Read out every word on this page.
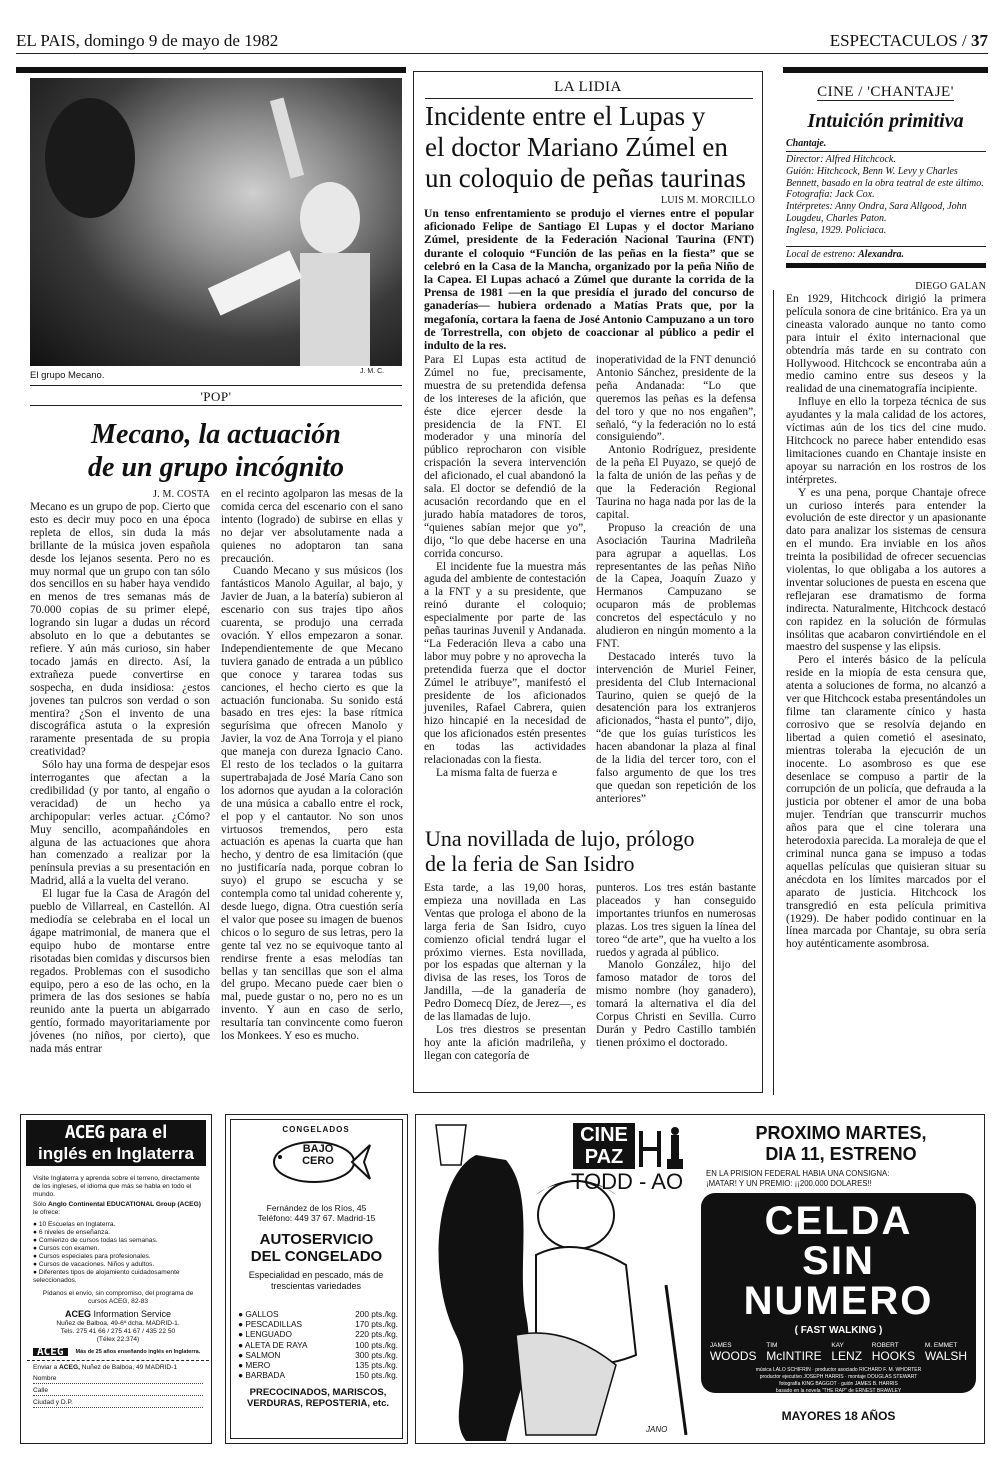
EL PAIS, domingo 9 de mayo de 1982	ESPECTACULOS / 37
El grupo Mecano.	J. M. C.
'POP'
Mecano, la actuación
de un grupo incógnito
J. M. COSTA

Mecano es un grupo de pop. Cierto que esto es decir muy poco en una época repleta de ellos, sin duda la más brillante de la música joven española desde los lejanos sesenta. Pero no es muy normal que un grupo con tan sólo dos sencillos en su haber haya vendido en menos de tres semanas más de 70.000 copias de su primer elepé, logrando sin lugar a dudas un récord absoluto en lo que a debutantes se refiere. Y aún más curioso, sin haber tocado jamás en directo. Así, la extrañeza puede convertirse en sospecha, en duda insidiosa: ¿estos jovenes tan pulcros son verdad o son mentira? ¿Son el invento de una discográfica astuta o la expresión raramente presentada de su propia creatividad?

Sólo hay una forma de despejar esos interrogantes que afectan a la credibilidad (y por tanto, al engaño o veracidad) de un hecho ya archipopular: verles actuar. ¿Cómo? Muy sencillo, acompañándoles en alguna de las actuaciones que ahora han comenzado a realizar por la península previas a su presentación en Madrid, allá a la vuelta del verano.

El lugar fue la Casa de Aragón del pueblo de Villarreal, en Castellón. Al mediodía se celebraba en el local un ágape matrimonial, de manera que el equipo hubo de montarse entre risotadas bien comidas y discursos bien regados. Problemas con el susodicho equipo, pero a eso de las ocho, en la primera de las dos sesiones se había reunido ante la puerta un abigarrado gentío, formado mayoritariamente por jóvenes (no niños, por cierto), que nada más entrar

en el recinto agolparon las mesas de la comida cerca del escenario con el sano intento (logrado) de subirse en ellas y no dejar ver absolutamente nada a quienes no adoptaron tan sana precaución.

Cuando Mecano y sus músicos (los fantásticos Manolo Aguilar, al bajo, y Javier de Juan, a la batería) subieron al escenario con sus trajes tipo años cuarenta, se produjo una cerrada ovación. Y ellos empezaron a sonar. Independientemente de que Mecano tuviera ganado de entrada a un público que conoce y tararea todas sus canciones, el hecho cierto es que la actuación funcionaba. Su sonido está basado en tres ejes: la base rítmica segurísima que ofrecen Manolo y Javier, la voz de Ana Torroja y el piano que maneja con dureza Ignacio Cano. El resto de los teclados o la guitarra supertrabajada de José María Cano son los adornos que ayudan a la coloración de una música a caballo entre el rock, el pop y el cantautor. No son unos virtuosos tremendos, pero esta actuación es apenas la cuarta que han hecho, y dentro de esa limitación (que no justificaría nada, porque cobran lo suyo) el grupo se escucha y se contempla como tal unidad coherente y, desde luego, digna. Otra cuestión sería el valor que posee su imagen de buenos chicos o lo seguro de sus letras, pero la gente tal vez no se equivoque tanto al rendirse frente a esas melodías tan bellas y tan sencillas que son el alma del grupo. Mecano puede caer bien o mal, puede gustar o no, pero no es un invento. Y aun en caso de serlo, resultaría tan convincente como fueron los Monkees. Y eso es mucho.

LA LIDIA
Incidente entre el Lupas y
el doctor Mariano Zúmel en
un coloquio de peñas taurinas
LUIS M. MORCILLO

Un tenso enfrentamiento se produjo el viernes entre el popular aficionado Felipe de Santiago El Lupas y el doctor Mariano Zúmel, presidente de la Federación Nacional Taurina (FNT) durante el coloquio “Función de las peñas en la fiesta” que se celebró en la Casa de la Mancha, organizado por la peña Niño de la Capea. El Lupas achacó a Zúmel que durante la corrida de la Prensa de 1981 —en la que presidía el jurado del concurso de ganaderías— hubiera ordenado a Matías Prats que, por la megafonía, cortara la faena de José Antonio Campuzano a un toro de Torrestrella, con objeto de coaccionar al público a pedir el indulto de la res.

Para El Lupas esta actitud de Zúmel no fue, precisamente, muestra de su pretendida defensa de los intereses de la afición, que éste dice ejercer desde la presidencia de la FNT. El moderador y una minoría del público reprocharon con visible crispación la severa intervención del aficionado, el cual abandonó la sala. El doctor se defendió de la acusación recordando que en el jurado había matadores de toros, “quienes sabían mejor que yo”, dijo, “lo que debe hacerse en una corrida concurso.

El incidente fue la muestra más aguda del ambiente de contestación a la FNT y a su presidente, que reinó durante el coloquio; especialmente por parte de las peñas taurinas Juvenil y Andanada. “La Federación lleva a cabo una labor muy pobre y no aprovecha la pretendida fuerza que el doctor Zúmel le atribuye”, manifestó el presidente de los aficionados juveniles, Rafael Cabrera, quien hizo hincapié en la necesidad de que los aficionados estén presentes en todas las actividades relacionadas con la fiesta.

La misma falta de fuerza e

inoperatividad de la FNT denunció Antonio Sánchez, presidente de la peña Andanada: “Lo que queremos las peñas es la defensa del toro y que no nos engañen”, señaló, “y la federación no lo está consiguiendo”.

Antonio Rodríguez, presidente de la peña El Puyazo, se quejó de la falta de unión de las peñas y de que la Federación Regional Taurina no haga nada por las de la capital.

Propuso la creación de una Asociación Taurina Madrileña para agrupar a aquellas. Los representantes de las peñas Niño de la Capea, Joaquín Zuazo y Hermanos Campuzano se ocuparon más de problemas concretos del espectáculo y no aludieron en ningún momento a la FNT.

Destacado interés tuvo la intervención de Muriel Feiner, presidenta del Club Internacional Taurino, quien se quejó de la desatención para los extranjeros aficionados, “hasta el punto”, dijo, “de que los guías turísticos les hacen abandonar la plaza al final de la lidia del tercer toro, con el falso argumento de que los tres que quedan son repetición de los anteriores”

Una novillada de lujo, prólogo
de la feria de San Isidro

Esta tarde, a las 19,00 horas, empieza una novillada en Las Ventas que prologa el abono de la larga feria de San Isidro, cuyo comienzo oficial tendrá lugar el próximo viernes. Esta novillada, por los espadas que alternan y la divisa de las reses, los Toros de Jandilla, —de la ganadería de Pedro Domecq Díez, de Jerez—, es de las llamadas de lujo.

Los tres diestros se presentan hoy ante la afición madrileña, y llegan con categoría de

punteros. Los tres están bastante placeados y han conseguido importantes triunfos en numerosas plazas. Los tres siguen la línea del toreo “de arte”, que ha vuelto a los ruedos y agrada al público.

Manolo González, hijo del famoso matador de toros del mismo nombre (hoy ganadero), tomará la alternativa el día del Corpus Christi en Sevilla. Curro Durán y Pedro Castillo también tienen próximo el doctorado.

CINE / 'CHANTAJE'
Intuición primitiva
Chantaje.
Director: Alfred Hitchcock.
Guión: Hitchcock, Benn W. Levy y Charles Bennett, basado en la obra teatral de este último.
Fotografía: Jack Cox.
Intérpretes: Anny Ondra, Sara Allgood, John Lougdeu, Charles Paton.
Inglesa, 1929. Policiaca.
Local de estreno: Alexandra.
DIEGO GALAN

En 1929, Hitchcock dirigió la primera película sonora de cine británico. Era ya un cineasta valorado aunque no tanto como para intuir el éxito internacional que obtendría más tarde en su contrato con Hollywood. Hitchcock se encontraba aún a medio camino entre sus deseos y la realidad de una cinematografía incipiente.

Influye en ello la torpeza técnica de sus ayudantes y la mala calidad de los actores, víctimas aún de los tics del cine mudo. Hitchcock no parece haber entendido esas limitaciones cuando en Chantaje insiste en apoyar su narración en los rostros de los intérpretes.

Y es una pena, porque Chantaje ofrece un curioso interés para entender la evolución de este director y un apasionante dato para analizar los sistemas de censura en el mundo. Era inviable en los años treinta la posibilidad de ofrecer secuencias violentas, lo que obligaba a los autores a inventar soluciones de puesta en escena que reflejaran ese dramatismo de forma indirecta. Naturalmente, Hitchcock destacó con rapidez en la solución de fórmulas insólitas que acabaron convirtiéndole en el maestro del suspense y las elipsis.

Pero el interés básico de la película reside en la miopía de esta censura que, atenta a soluciones de forma, no alcanzó a ver que Hitchcock estaba presentándoles un filme tan claramente cínico y hasta corrosivo que se resolvía dejando en libertad a quien cometió el asesinato, mientras toleraba la ejecución de un inocente. Lo asombroso es que ese desenlace se compuso a partir de la corrupción de un policía, que defrauda a la justicia por obtener el amor de una boba mujer. Tendrían que transcurrir muchos años para que el cine tolerara una heterodoxia parecida. La moraleja de que el criminal nunca gana se impuso a todas aquellas películas que quisieran situar su anécdota en los límites marcados por el aparato de justicia. Hitchcock los transgredió en esta película primitiva (1929). De haber podido continuar en la línea marcada por Chantaje, su obra sería hoy auténticamente asombrosa.

ACEG para el
inglés en Inglaterra
Visite Inglaterra y aprenda sobre el terreno, directamente de los ingleses, el idioma que más se habla en todo el mundo.
Sólo Anglo Continental EDUCATIONAL Group (ACEG) le ofrece:
● 10 Escuelas en Inglaterra.
● 6 niveles de enseñanza.
● Comienzo de cursos todas las semanas.
● Cursos con examen.
● Cursos especiales para profesionales.
● Cursos de vacaciones. Niños y adultos.
● Diferentes tipos de alojamiento cuidadosamente seleccionados.
Pídanos el envío, sin compromiso, del programa de cursos ACEG, 82-83
ACEG Information Service
Nuñez de Balboa, 49-6º dcha. MADRID-1.
Tels. 275 41 66 / 275 41 67 / 435 22 50
(Télex 22.374)
ACEG	Más de 25 años enseñando inglés en Inglaterra.
Enviar a ACEG, Nuñez de Balboa, 49 MADRID-1
Nombre
Calle
Ciudad y D.P.
CONGELADOS
BAJO
CERO
Fernández de los Ríos, 45
Teléfono: 449 37 67. Madrid-15
AUTOSERVICIO
DEL CONGELADO
Especialidad en pescado, más de trescientas variedades
● GALLOS	200 pts./kg.
● PESCADILLAS	170 pts./kg.
● LENGUADO	220 pts./kg.
● ALETA DE RAYA	100 pts./kg.
● SALMON	300 pts./kg.
● MERO	135 pts./kg.
● BARBADA	150 pts./kg.
PRECOCINADOS, MARISCOS, VERDURAS, REPOSTERIA, etc.
JANO
CINE
PAZ
TODD - AO
PROXIMO MARTES,
DIA 11, ESTRENO
EN LA PRISION FEDERAL HABIA UNA CONSIGNA:
¡MATAR! Y UN PREMIO: ¡¡200.000 DOLARES!!
CELDA
SIN
NUMERO
( FAST WALKING )
JAMES
WOODS
TIM
McINTIRE
KAY
LENZ
ROBERT
HOOKS
M. EMMET
WALSH
música LALO SCHIFRIN · productor asociado RICHARD F. M. WHORTER
productor ejecutivo JOSEPH HARRIS · montaje DOUGLAS STEWART
fotografía KING BAGGOT · guión JAMES B. HARRIS
basado en la novela “THE RAP” de ERNEST BRAWLEY
productor y director JAMES B. HARRIS
MAYORES 18 AÑOS
